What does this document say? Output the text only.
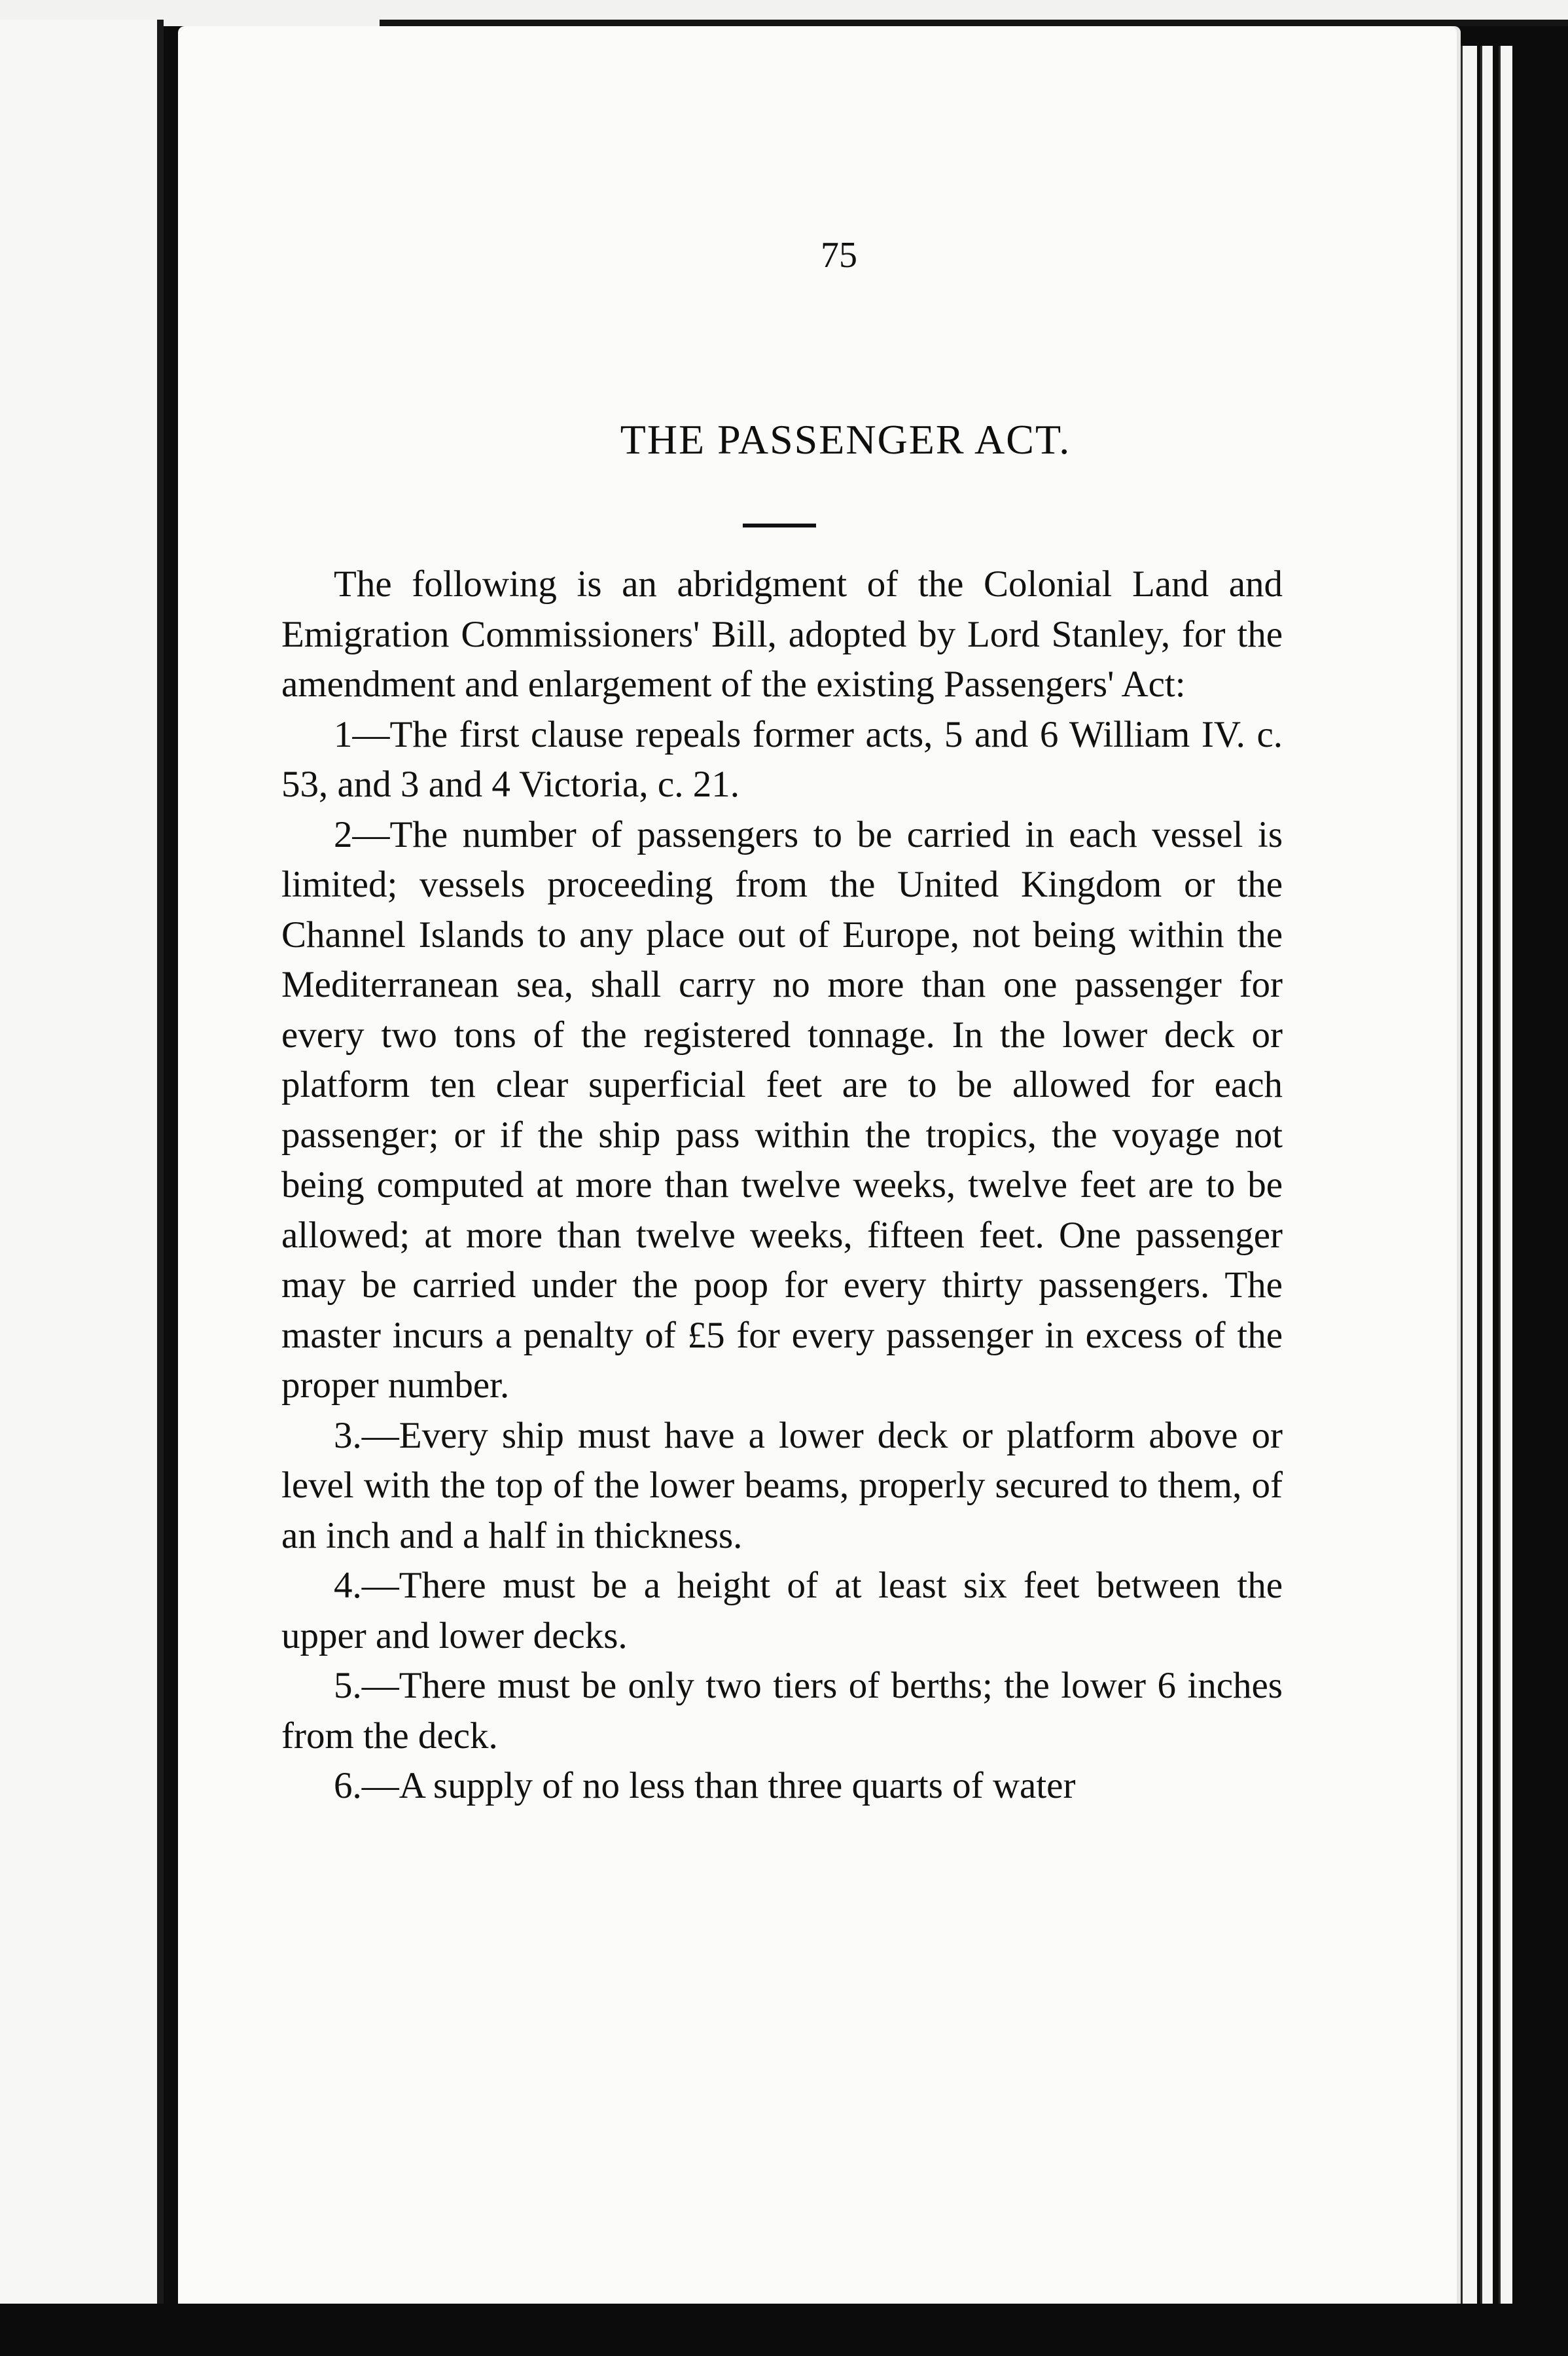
75
THE PASSENGER ACT.

The following is an abridgment of the Colonial Land and Emigration Commissioners' Bill, adopted by Lord Stanley, for the amendment and enlargement of the existing Passengers' Act:

1—The first clause repeals former acts, 5 and 6 William IV. c. 53, and 3 and 4 Victoria, c. 21.

2—The number of passengers to be carried in each vessel is limited; vessels proceeding from the United Kingdom or the Channel Islands to any place out of Europe, not being within the Mediterranean sea, shall carry no more than one passenger for every two tons of the registered tonnage. In the lower deck or platform ten clear superficial feet are to be allowed for each passenger; or if the ship pass within the tropics, the voyage not being computed at more than twelve weeks, twelve feet are to be allowed; at more than twelve weeks, fifteen feet. One passenger may be carried under the poop for every thirty passengers. The master incurs a penalty of £5 for every passenger in excess of the proper number.

3.—Every ship must have a lower deck or platform above or level with the top of the lower beams, properly secured to them, of an inch and a half in thickness.

4.—There must be a height of at least six feet between the upper and lower decks.

5.—There must be only two tiers of berths; the lower 6 inches from the deck.

6.—A supply of no less than three quarts of water
